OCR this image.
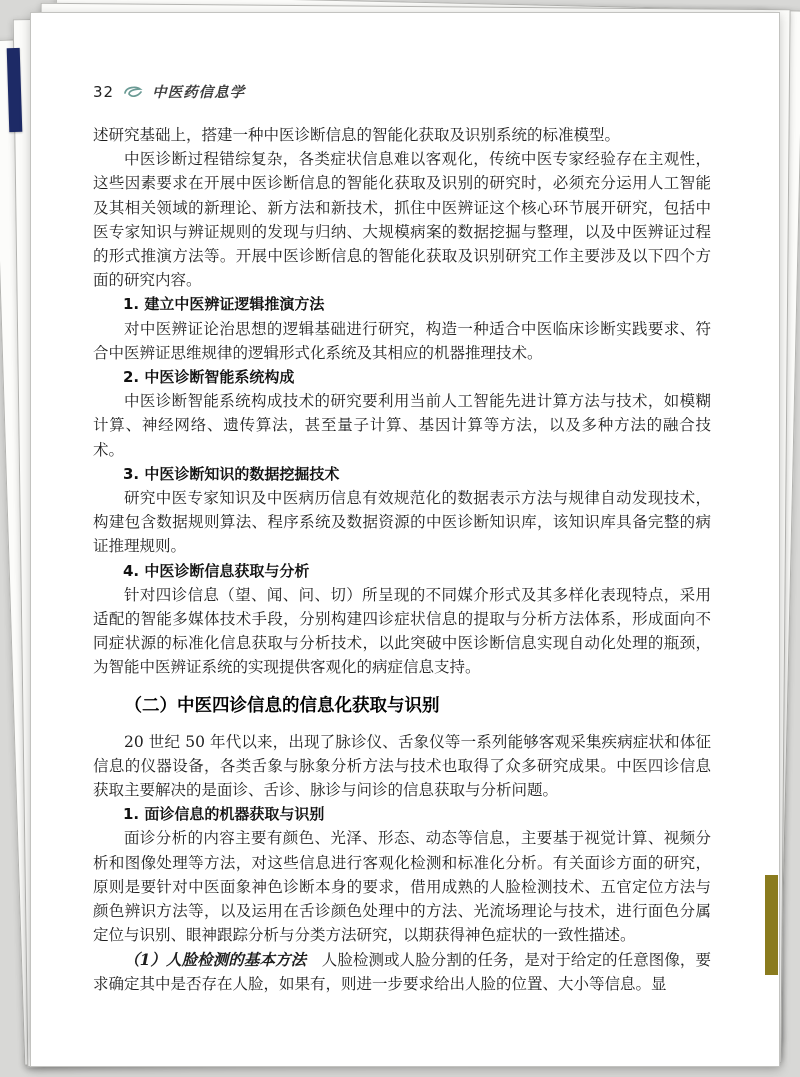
32	中医药信息学

述研究基础上，搭建一种中医诊断信息的智能化获取及识别系统的标准模型。

中医诊断过程错综复杂，各类症状信息难以客观化，传统中医专家经验存在主观性，这些因素要求在开展中医诊断信息的智能化获取及识别的研究时，必须充分运用人工智能及其相关领域的新理论、新方法和新技术，抓住中医辨证这个核心环节展开研究，包括中医专家知识与辨证规则的发现与归纳、大规模病案的数据挖掘与整理，以及中医辨证过程的形式推演方法等。开展中医诊断信息的智能化获取及识别研究工作主要涉及以下四个方面的研究内容。

1. 建立中医辨证逻辑推演方法

对中医辨证论治思想的逻辑基础进行研究，构造一种适合中医临床诊断实践要求、符合中医辨证思维规律的逻辑形式化系统及其相应的机器推理技术。

2. 中医诊断智能系统构成

中医诊断智能系统构成技术的研究要利用当前人工智能先进计算方法与技术，如模糊计算、神经网络、遗传算法，甚至量子计算、基因计算等方法，以及多种方法的融合技术。

3. 中医诊断知识的数据挖掘技术

研究中医专家知识及中医病历信息有效规范化的数据表示方法与规律自动发现技术，构建包含数据规则算法、程序系统及数据资源的中医诊断知识库，该知识库具备完整的病证推理规则。

4. 中医诊断信息获取与分析

针对四诊信息（望、闻、问、切）所呈现的不同媒介形式及其多样化表现特点，采用适配的智能多媒体技术手段，分别构建四诊症状信息的提取与分析方法体系，形成面向不同症状源的标准化信息获取与分析技术，以此突破中医诊断信息实现自动化处理的瓶颈，为智能中医辨证系统的实现提供客观化的病症信息支持。

（二）中医四诊信息的信息化获取与识别

20 世纪 50 年代以来，出现了脉诊仪、舌象仪等一系列能够客观采集疾病症状和体征信息的仪器设备，各类舌象与脉象分析方法与技术也取得了众多研究成果。中医四诊信息获取主要解决的是面诊、舌诊、脉诊与问诊的信息获取与分析问题。

1. 面诊信息的机器获取与识别

面诊分析的内容主要有颜色、光泽、形态、动态等信息，主要基于视觉计算、视频分析和图像处理等方法，对这些信息进行客观化检测和标准化分析。有关面诊方面的研究，原则是要针对中医面象神色诊断本身的要求，借用成熟的人脸检测技术、五官定位方法与颜色辨识方法等，以及运用在舌诊颜色处理中的方法、光流场理论与技术，进行面色分属定位与识别、眼神跟踪分析与分类方法研究，以期获得神色症状的一致性描述。

（1）人脸检测的基本方法　人脸检测或人脸分割的任务，是对于给定的任意图像，要求确定其中是否存在人脸，如果有，则进一步要求给出人脸的位置、大小等信息。显
